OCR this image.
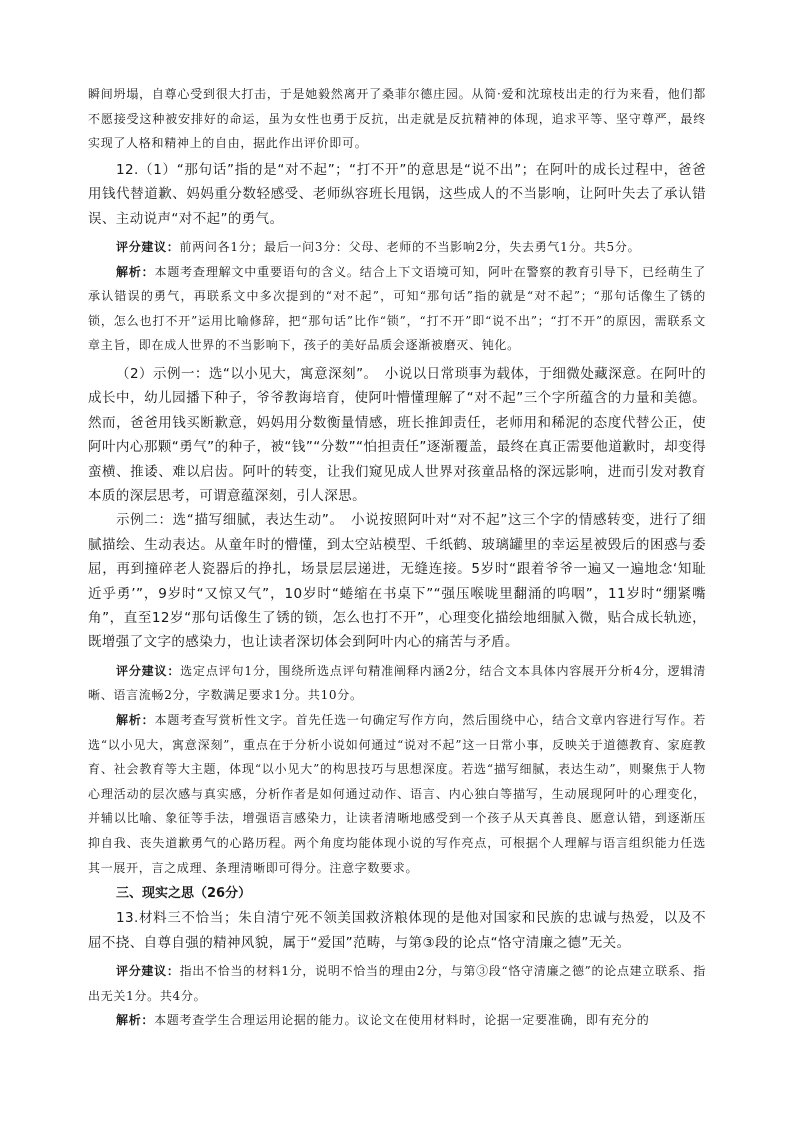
瞬间坍塌，自尊心受到很大打击，于是她毅然离开了桑菲尔德庄园。从简·爱和沈琼枝出走的行为来看，他们都不愿接受这种被安排好的命运，虽为女性也勇于反抗，出走就是反抗精神的体现，追求平等、坚守尊严，最终实现了人格和精神上的自由，据此作出评价即可。

12.（1）“那句话”指的是“对不起”；“打不开”的意思是“说不出”；在阿叶的成长过程中，爸爸用钱代替道歉、妈妈重分数轻感受、老师纵容班长甩锅，这些成人的不当影响，让阿叶失去了承认错误、主动说声“对不起”的勇气。

评分建议：前两问各1分；最后一问3分：父母、老师的不当影响2分，失去勇气1分。共5分。

解析：本题考查理解文中重要语句的含义。结合上下文语境可知，阿叶在警察的教育引导下，已经萌生了承认错误的勇气，再联系文中多次提到的“对不起”，可知“那句话”指的就是“对不起”；“那句话像生了锈的锁，怎么也打不开”运用比喻修辞，把“那句话”比作“锁”，“打不开”即“说不出”；“打不开”的原因，需联系文章主旨，即在成人世界的不当影响下，孩子的美好品质会逐渐被磨灭、钝化。

（2）示例一：选“以小见大，寓意深刻”。　小说以日常琐事为载体，于细微处藏深意。在阿叶的成长中，幼儿园播下种子，爷爷教诲培育，使阿叶懵懂理解了“对不起”三个字所蕴含的力量和美德。然而，爸爸用钱买断歉意，妈妈用分数衡量情感，班长推卸责任，老师用和稀泥的态度代替公正，使阿叶内心那颗“勇气”的种子，被“钱”“分数”“怕担责任”逐渐覆盖，最终在真正需要他道歉时，却变得蛮横、推诿、难以启齿。阿叶的转变，让我们窥见成人世界对孩童品格的深远影响，进而引发对教育本质的深层思考，可谓意蕴深刻，引人深思。

示例二：选“描写细腻，表达生动”。　小说按照阿叶对“对不起”这三个字的情感转变，进行了细腻描绘、生动表达。从童年时的懵懂，到太空站模型、千纸鹤、玻璃罐里的幸运星被毁后的困惑与委屈，再到撞碎老人瓷器后的挣扎，场景层层递进，无缝连接。5岁时“跟着爷爷一遍又一遍地念‘知耻近乎勇’”，9岁时“又惊又气”，10岁时“蜷缩在书桌下”“强压喉咙里翻涌的呜咽”，11岁时“绷紧嘴角”，直至12岁“那句话像生了锈的锁，怎么也打不开”，心理变化描绘地细腻入微，贴合成长轨迹，既增强了文字的感染力，也让读者深切体会到阿叶内心的痛苦与矛盾。

评分建议：选定点评句1分，围绕所选点评句精准阐释内涵2分，结合文本具体内容展开分析4分，逻辑清晰、语言流畅2分，字数满足要求1分。共10分。

解析：本题考查写赏析性文字。首先任选一句确定写作方向，然后围绕中心，结合文章内容进行写作。若选“以小见大，寓意深刻”，重点在于分析小说如何通过“说对不起”这一日常小事，反映关于道德教育、家庭教育、社会教育等大主题，体现“以小见大”的构思技巧与思想深度。若选“描写细腻，表达生动”，则聚焦于人物心理活动的层次感与真实感，分析作者是如何通过动作、语言、内心独白等描写，生动展现阿叶的心理变化，并辅以比喻、象征等手法，增强语言感染力，让读者清晰地感受到一个孩子从天真善良、愿意认错，到逐渐压抑自我、丧失道歉勇气的心路历程。两个角度均能体现小说的写作亮点，可根据个人理解与语言组织能力任选其一展开，言之成理、条理清晰即可得分。注意字数要求。

三、现实之思（26分）

13.材料三不恰当；朱自清宁死不领美国救济粮体现的是他对国家和民族的忠诚与热爱，以及不屈不挠、自尊自强的精神风貌，属于“爱国”范畴，与第③段的论点“恪守清廉之德”无关。

评分建议：指出不恰当的材料1分，说明不恰当的理由2分，与第③段“恪守清廉之德”的论点建立联系、指出无关1分。共4分。

解析：本题考查学生合理运用论据的能力。议论文在使用材料时，论据一定要准确，即有充分的
